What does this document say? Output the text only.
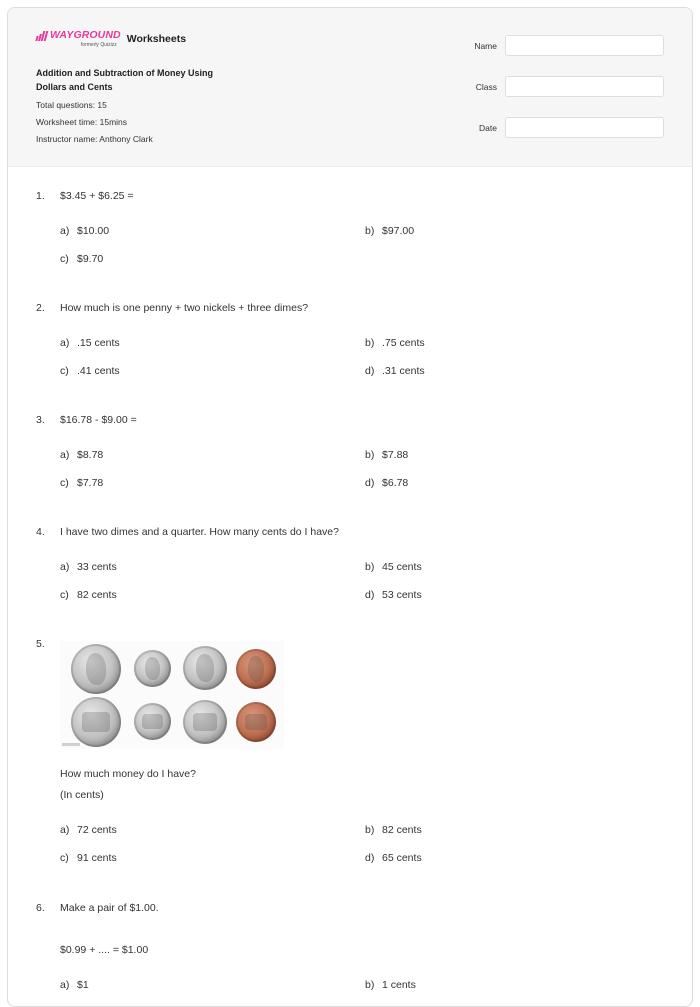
WAYGROUND
formerly Quizizz Worksheets
Addition and Subtraction of Money Using
Dollars and Cents
Total questions: 15
Worksheet time: 15mins
Instructor name: Anthony Clark
Name
Class
Date
1. $3.45 + $6.25 =
a) $10.00	b) $97.00
c) $9.70
2. How much is one penny + two nickels + three dimes?
a) .15 cents	b) .75 cents
c) .41 cents	d) .31 cents
3. $16.78 - $9.00 =
a) $8.78	b) $7.88
c) $7.78	d) $6.78
4. I have two dimes and a quarter. How many cents do I have?
a) 33 cents	b) 45 cents
c) 82 cents	d) 53 cents
5.
How much money do I have?
(In cents)
a) 72 cents	b) 82 cents
c) 91 cents	d) 65 cents
6. Make a pair of $1.00.
$0.99 + .... = $1.00
a) $1	b) 1 cents
